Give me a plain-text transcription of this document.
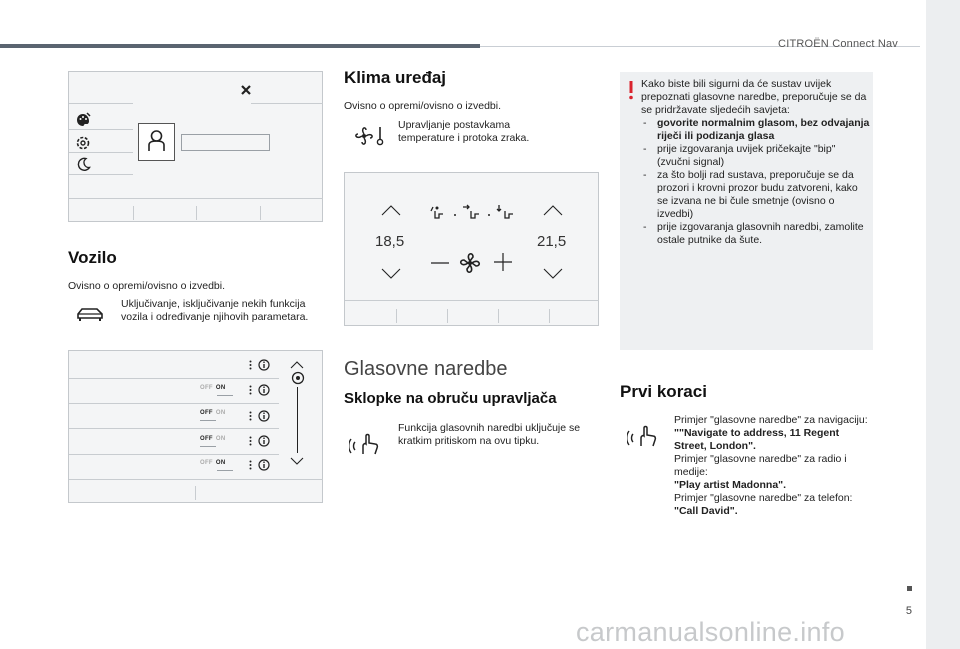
CITROËN Connect Nav
Vozilo
Ovisno o opremi/ovisno o izvedbi.
Uključivanje, isključivanje nekih funkcija vozila i određivanje njihovih parametara.
OFF ON
OFF ON
OFF ON
OFF ON
Klima uređaj
Ovisno o opremi/ovisno o izvedbi.
Upravljanje postavkama temperature i protoka zraka.
18,5	21,5
Glasovne naredbe
Sklopke na obruču upravljača
Funkcija glasovnih naredbi uključuje se kratkim pritiskom na ovu tipku.
Kako biste bili sigurni da će sustav uvijek prepoznati glasovne naredbe, preporučuje se da se pridržavate sljedećih savjeta:
- govorite normalnim glasom, bez odvajanja riječi ili podizanja glasa
- prije izgovaranja uvijek pričekajte "bip" (zvučni signal)
- za što bolji rad sustava, preporučuje se da prozori i krovni prozor budu zatvoreni, kako se izvana ne bi čule smetnje (ovisno o izvedbi)
- prije izgovaranja glasovnih naredbi, zamolite ostale putnike da šute.
Prvi koraci
Primjer "glasovne naredbe" za navigaciju:
""Navigate to address, 11 Regent Street, London".
Primjer "glasovne naredbe" za radio i medije:
"Play artist Madonna".
Primjer "glasovne naredbe" za telefon:
"Call David".
5
carmanualsonline.info
